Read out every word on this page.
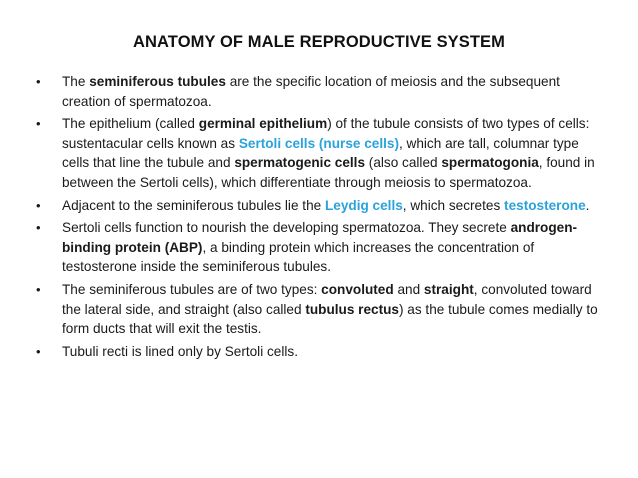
ANATOMY OF MALE REPRODUCTIVE SYSTEM
• The seminiferous tubules are the specific location of meiosis and the subsequent creation of spermatozoa.
• The epithelium (called germinal epithelium) of the tubule consists of two types of cells: sustentacular cells known as Sertoli cells (nurse cells), which are tall, columnar type cells that line the tubule and spermatogenic cells (also called spermatogonia, found in between the Sertoli cells), which differentiate through meiosis to spermatozoa.
• Adjacent to the seminiferous tubules lie the Leydig cells, which secretes testosterone.
• Sertoli cells function to nourish the developing spermatozoa. They secrete androgen-binding protein (ABP), a binding protein which increases the concentration of testosterone inside the seminiferous tubules.
• The seminiferous tubules are of two types: convoluted and straight, convoluted toward the lateral side, and straight (also called tubulus rectus) as the tubule comes medially to form ducts that will exit the testis.
• Tubuli recti is lined only by Sertoli cells.
